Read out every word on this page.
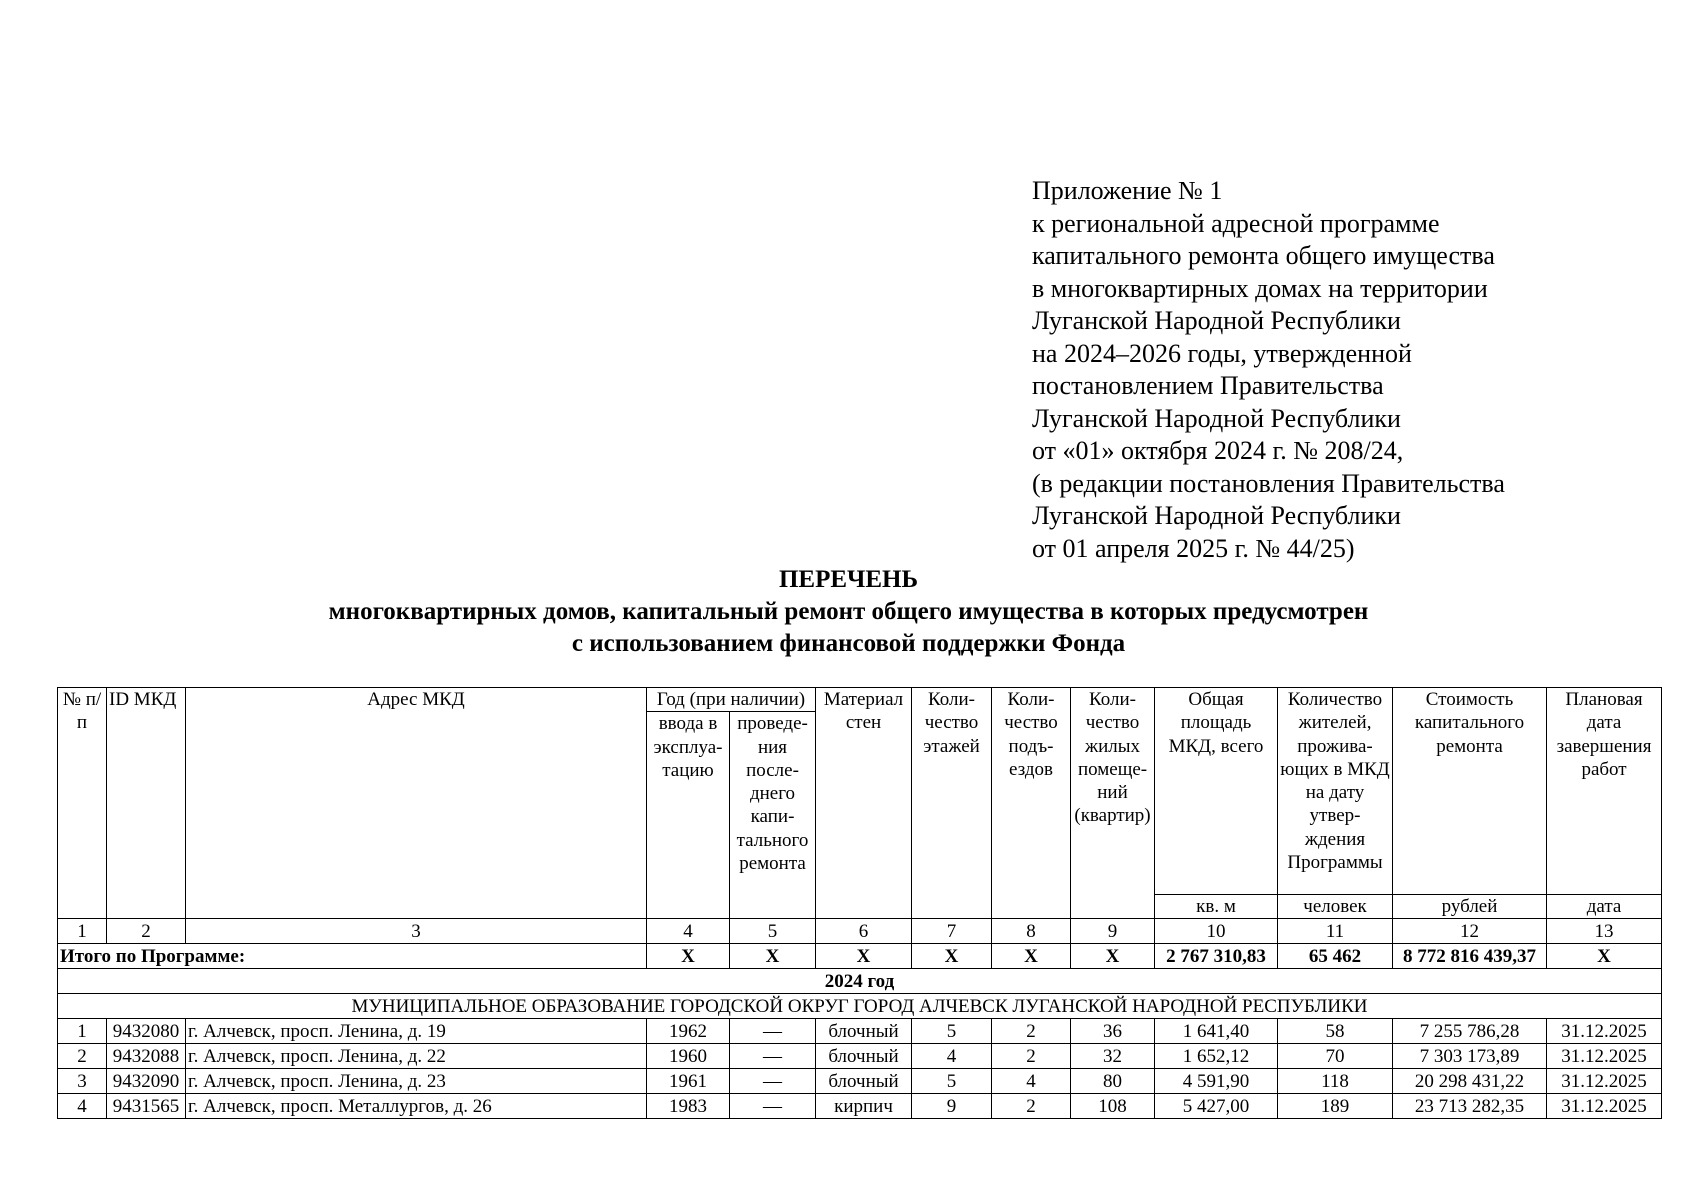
Приложение № 1
к региональной адресной программе
капитального ремонта общего имущества
в многоквартирных домах на территории
Луганской Народной Республики
на 2024–2026 годы, утвержденной
постановлением Правительства
Луганской Народной Республики
от «01» октября 2024 г. № 208/24,
(в редакции постановления Правительства
Луганской Народной Республики
от 01 апреля 2025 г. № 44/25)
ПЕРЕЧЕНЬ
многоквартирных домов, капитальный ремонт общего имущества в которых предусмотрен
с использованием финансовой поддержки Фонда
№ п/п	ID МКД	Адрес МКД	Год (при наличии)		Материал стен	Коли-чество этажей	Коли-чество подъ-ездов	Коли-чество жилых помеще-ний (квартир)	Общая площадь МКД, всего	Количество жителей, прожива-ющих в МКД на дату утвер-ждения Программы	Стоимость капитального ремонта	Плановая дата завершения работ
			ввода в эксплуа-тацию	проведе-ния после-днего капи-тального ремонта								
									кв. м	человек	рублей	дата
1	2	3	4	5	6	7	8	9	10	11	12	13
Итого по Программе:			X	X	X	X	X	X	2 767 310,83	65 462	8 772 816 439,37	X
2024 год												
МУНИЦИПАЛЬНОЕ ОБРАЗОВАНИЕ ГОРОДСКОЙ ОКРУГ ГОРОД АЛЧЕВСК ЛУГАНСКОЙ НАРОДНОЙ РЕСПУБЛИКИ												
1	9432080	г. Алчевск, просп. Ленина, д. 19	1962	—	блочный	5	2	36	1 641,40	58	7 255 786,28	31.12.2025
2	9432088	г. Алчевск, просп. Ленина, д. 22	1960	—	блочный	4	2	32	1 652,12	70	7 303 173,89	31.12.2025
3	9432090	г. Алчевск, просп. Ленина, д. 23	1961	—	блочный	5	4	80	4 591,90	118	20 298 431,22	31.12.2025
4	9431565	г. Алчевск, просп. Металлургов, д. 26	1983	—	кирпич	9	2	108	5 427,00	189	23 713 282,35	31.12.2025
